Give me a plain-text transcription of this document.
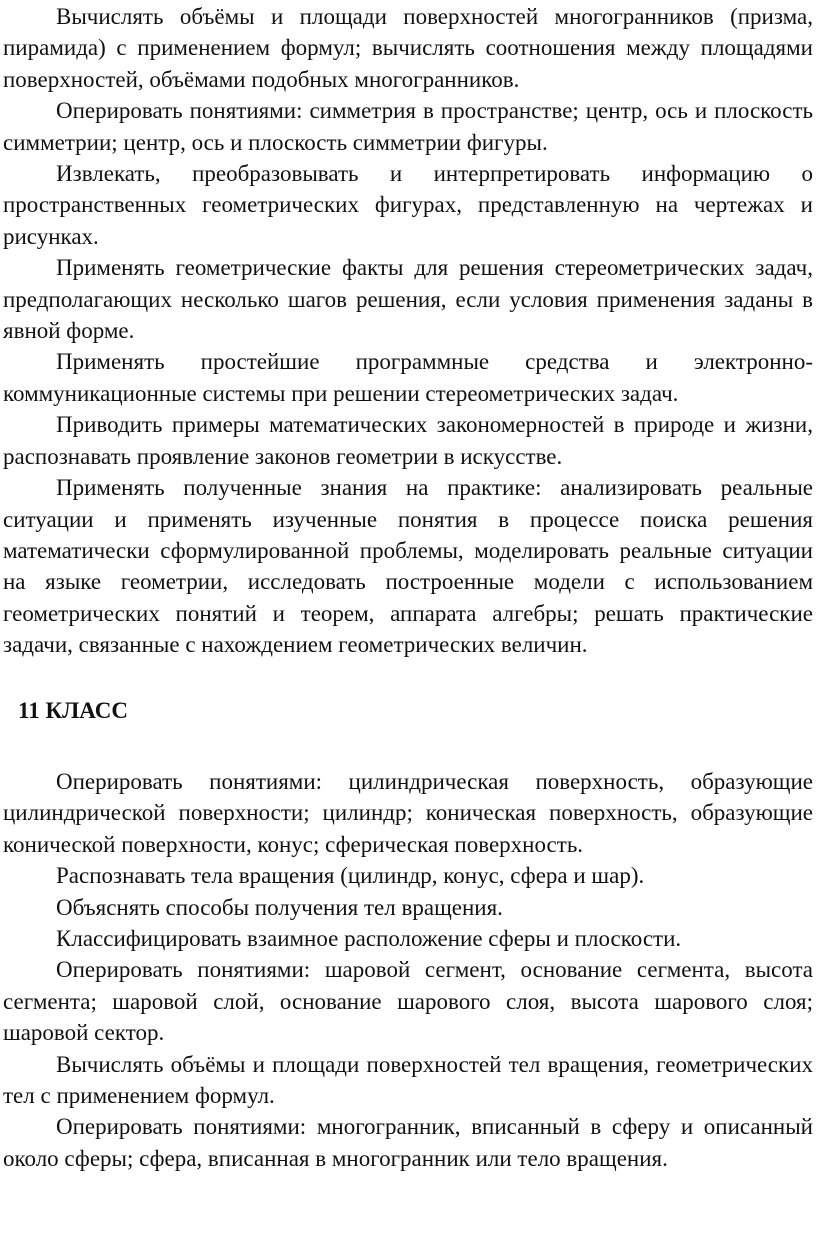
Вычислять объёмы и площади поверхностей многогранников (призма, пирамида) с применением формул; вычислять соотношения между площадями поверхностей, объёмами подобных многогранников.

Оперировать понятиями: симметрия в пространстве; центр, ось и плоскость симметрии; центр, ось и плоскость симметрии фигуры.

Извлекать, преобразовывать и интерпретировать информацию о пространственных геометрических фигурах, представленную на чертежах и рисунках.

Применять геометрические факты для решения стереометрических задач, предполагающих несколько шагов решения, если условия применения заданы в явной форме.

Применять простейшие программные средства и электронно-коммуникационные системы при решении стереометрических задач.

Приводить примеры математических закономерностей в природе и жизни, распознавать проявление законов геометрии в искусстве.

Применять полученные знания на практике: анализировать реальные ситуации и применять изученные понятия в процессе поиска решения математически сформулированной проблемы, моделировать реальные ситуации на языке геометрии, исследовать построенные модели с использованием геометрических понятий и теорем, аппарата алгебры; решать практические задачи, связанные с нахождением геометрических величин.

11 КЛАСС

Оперировать понятиями: цилиндрическая поверхность, образующие цилиндрической поверхности; цилиндр; коническая поверхность, образующие конической поверхности, конус; сферическая поверхность.

Распознавать тела вращения (цилиндр, конус, сфера и шар).

Объяснять способы получения тел вращения.

Классифицировать взаимное расположение сферы и плоскости.

Оперировать понятиями: шаровой сегмент, основание сегмента, высота сегмента; шаровой слой, основание шарового слоя, высота шарового слоя; шаровой сектор.

Вычислять объёмы и площади поверхностей тел вращения, геометрических тел с применением формул.

Оперировать понятиями: многогранник, вписанный в сферу и описанный около сферы; сфера, вписанная в многогранник или тело вращения.
